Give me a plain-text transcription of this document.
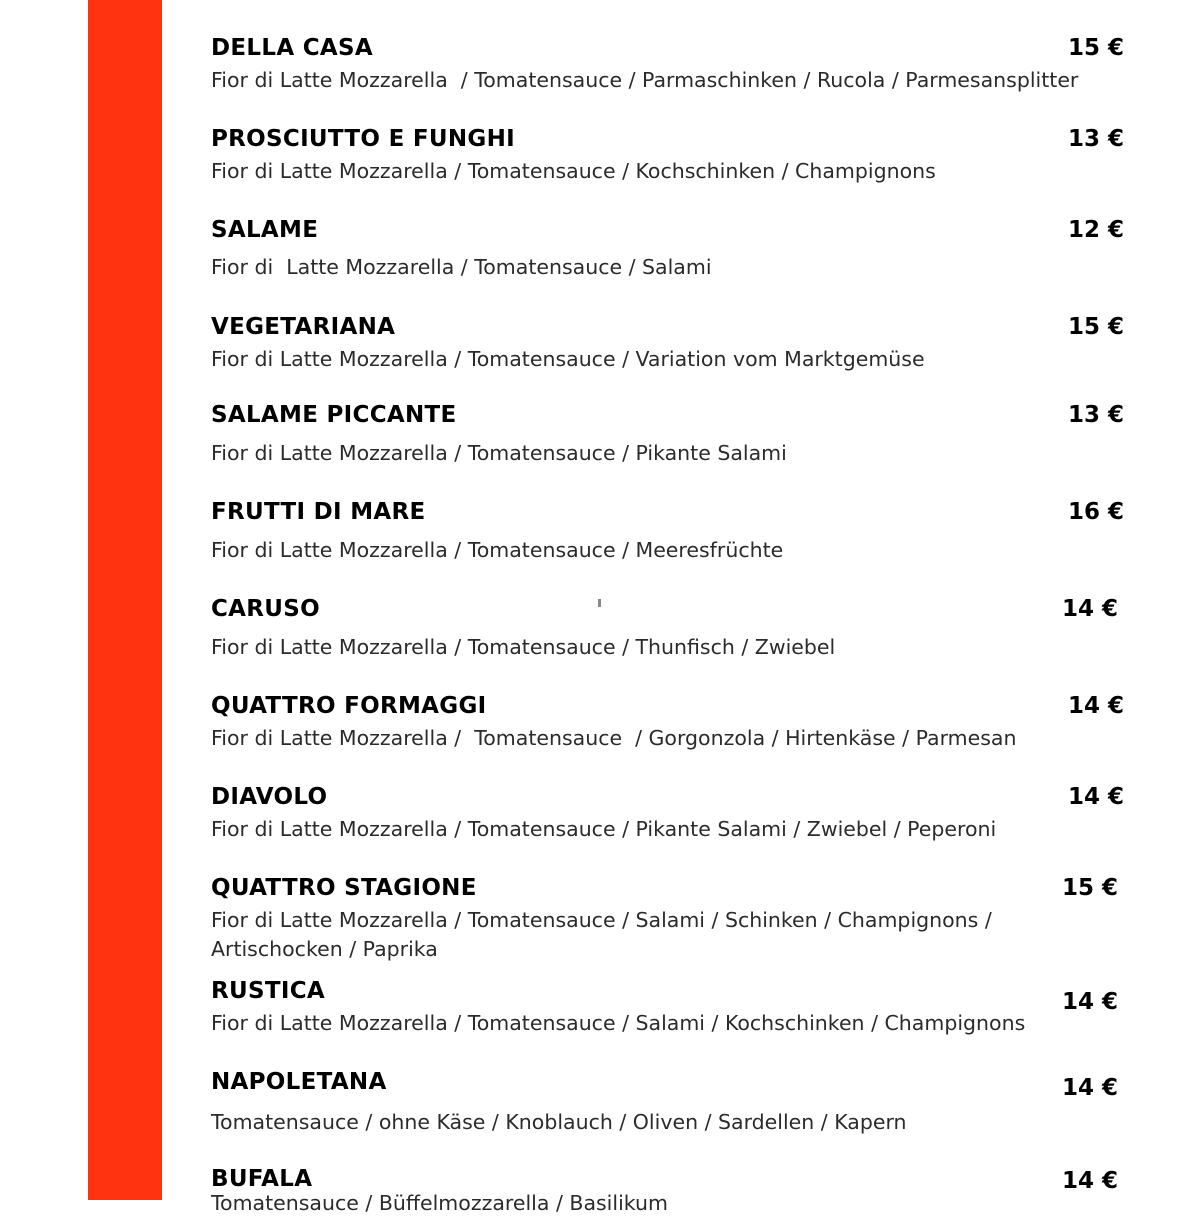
DELLA CASA	15 €
Fior di Latte Mozzarella  / Tomatensauce / Parmaschinken / Rucola / Parmesansplitter
PROSCIUTTO E FUNGHI	13 €
Fior di Latte Mozzarella / Tomatensauce / Kochschinken / Champignons
SALAME	12 €
Fior di  Latte Mozzarella / Tomatensauce / Salami
VEGETARIANA	15 €
Fior di Latte Mozzarella / Tomatensauce / Variation vom Marktgemüse
SALAME PICCANTE	13 €
Fior di Latte Mozzarella / Tomatensauce / Pikante Salami
FRUTTI DI MARE	16 €
Fior di Latte Mozzarella / Tomatensauce / Meeresfrüchte
CARUSO	14 €
Fior di Latte Mozzarella / Tomatensauce / Thunfisch / Zwiebel
QUATTRO FORMAGGI	14 €
Fior di Latte Mozzarella /  Tomatensauce  / Gorgonzola / Hirtenkäse / Parmesan
DIAVOLO	14 €
Fior di Latte Mozzarella / Tomatensauce / Pikante Salami / Zwiebel / Peperoni
QUATTRO STAGIONE	15 €
Fior di Latte Mozzarella / Tomatensauce / Salami / Schinken / Champignons /
Artischocken / Paprika
RUSTICA	14 €
Fior di Latte Mozzarella / Tomatensauce / Salami / Kochschinken / Champignons
NAPOLETANA	14 €
Tomatensauce / ohne Käse / Knoblauch / Oliven / Sardellen / Kapern
BUFALA	14 €
Tomatensauce / Büffelmozzarella / Basilikum
